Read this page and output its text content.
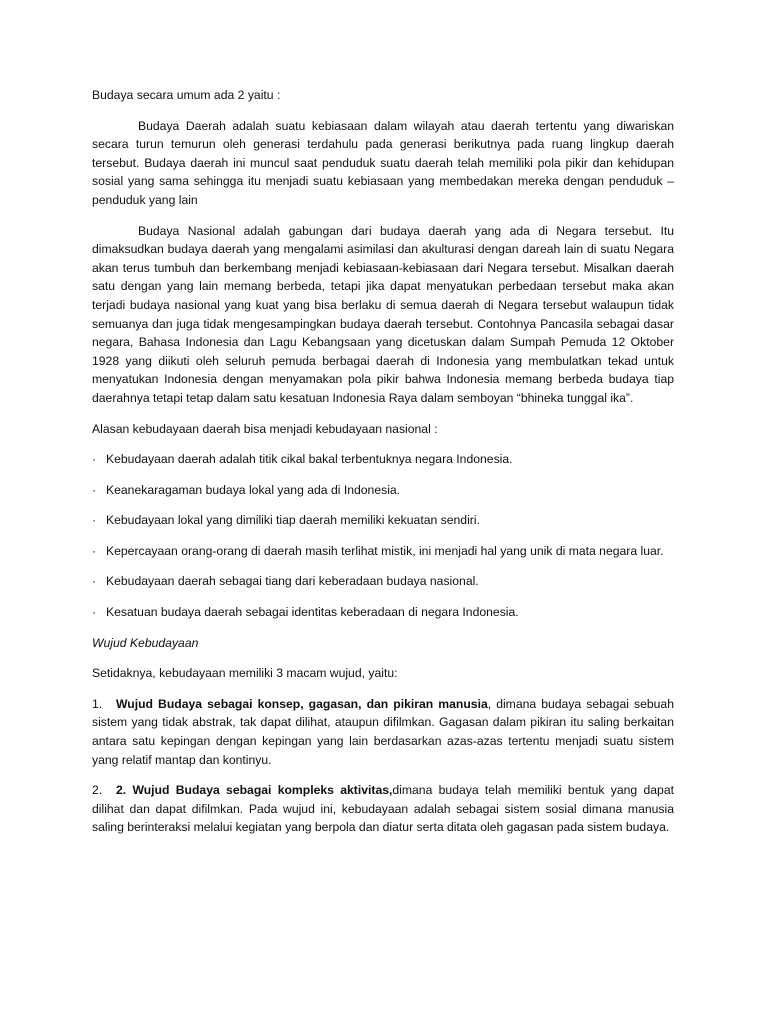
Budaya secara umum ada 2 yaitu :

Budaya Daerah adalah suatu kebiasaan dalam wilayah atau daerah tertentu yang diwariskan secara turun temurun oleh generasi terdahulu pada generasi berikutnya pada ruang lingkup daerah tersebut. Budaya daerah ini muncul saat penduduk suatu daerah telah memiliki pola pikir dan kehidupan sosial yang sama sehingga itu menjadi suatu kebiasaan yang membedakan mereka dengan penduduk – penduduk yang lain

Budaya Nasional adalah gabungan dari budaya daerah yang ada di Negara tersebut. Itu dimaksudkan budaya daerah yang mengalami asimilasi dan akulturasi dengan dareah lain di suatu Negara akan terus tumbuh dan berkembang menjadi kebiasaan-kebiasaan dari Negara tersebut. Misalkan daerah satu dengan yang lain memang berbeda, tetapi jika dapat menyatukan perbedaan tersebut maka akan terjadi budaya nasional yang kuat yang bisa berlaku di semua daerah di Negara tersebut walaupun tidak semuanya dan juga tidak mengesampingkan budaya daerah tersebut. Contohnya Pancasila sebagai dasar negara, Bahasa Indonesia dan Lagu Kebangsaan yang dicetuskan dalam Sumpah Pemuda 12 Oktober 1928 yang diikuti oleh seluruh pemuda berbagai daerah di Indonesia yang membulatkan tekad untuk menyatukan Indonesia dengan menyamakan pola pikir bahwa Indonesia memang berbeda budaya tiap daerahnya tetapi tetap dalam satu kesatuan Indonesia Raya dalam semboyan “bhineka tunggal ika”.

Alasan kebudayaan daerah bisa menjadi kebudayaan nasional :

· Kebudayaan daerah adalah titik cikal bakal terbentuknya negara Indonesia.

· Keanekaragaman budaya lokal yang ada di Indonesia.

· Kebudayaan lokal yang dimiliki tiap daerah memiliki kekuatan sendiri.

· Kepercayaan orang-orang di daerah masih terlihat mistik, ini menjadi hal yang unik di mata negara luar.

· Kebudayaan daerah sebagai tiang dari keberadaan budaya nasional.

· Kesatuan budaya daerah sebagai identitas keberadaan di negara Indonesia.

Wujud Kebudayaan

Setidaknya, kebudayaan memiliki 3 macam wujud, yaitu:

1. Wujud Budaya sebagai konsep, gagasan, dan pikiran manusia, dimana budaya sebagai sebuah sistem yang tidak abstrak, tak dapat dilihat, ataupun difilmkan. Gagasan dalam pikiran itu saling berkaitan antara satu kepingan dengan kepingan yang lain berdasarkan azas-azas tertentu menjadi suatu sistem yang relatif mantap dan kontinyu.

2. 2. Wujud Budaya sebagai kompleks aktivitas,dimana budaya telah memiliki bentuk yang dapat dilihat dan dapat difilmkan. Pada wujud ini, kebudayaan adalah sebagai sistem sosial dimana manusia saling berinteraksi melalui kegiatan yang berpola dan diatur serta ditata oleh gagasan pada sistem budaya.
